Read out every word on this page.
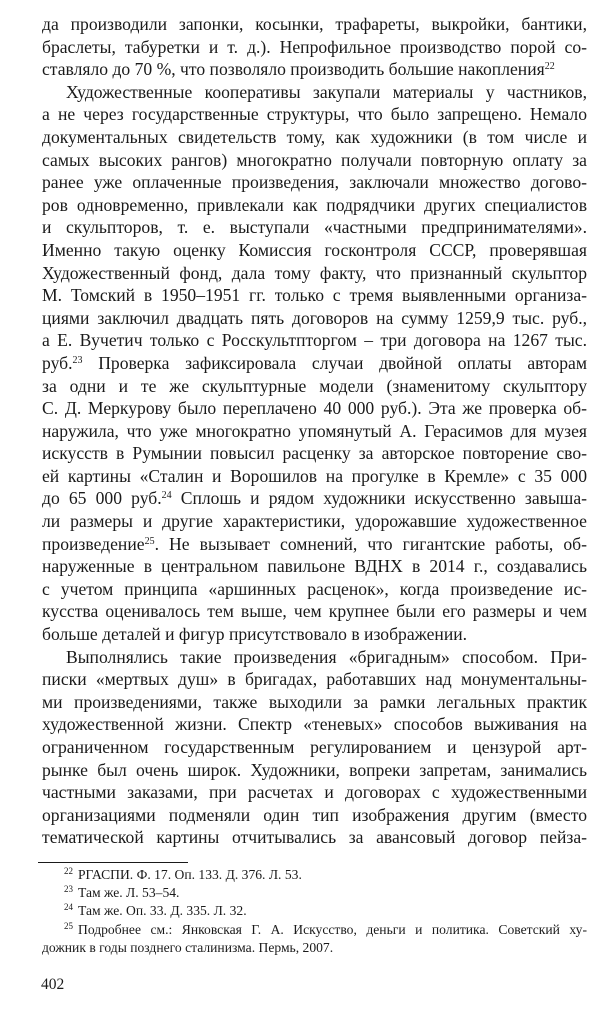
да производили запонки, косынки, трафареты, выкройки, бантики,
браслеты, табуретки и т. д.). Непрофильное производство порой со-
ставляло до 70 %, что позволяло производить большие накопления$^{22}$
Художественные кооперативы закупали материалы у частников,
а не через государственные структуры, что было запрещено. Немало
документальных свидетельств тому, как художники (в том числе и
самых высоких рангов) многократно получали повторную оплату за
ранее уже оплаченные произведения, заключали множество догово-
ров одновременно, привлекали как подрядчики других специалистов
и скульпторов, т. е. выступали «частными предпринимателями».
Именно такую оценку Комиссия госконтроля СССР, проверявшая
Художественный фонд, дала тому факту, что признанный скульптор
М. Томский в 1950–1951 гг. только с тремя выявленными организа-
циями заключил двадцать пять договоров на сумму 1259,9 тыс. руб.,
а Е. Вучетич только с Росскультпторгом – три договора на 1267 тыс.
руб.$^{23}$ Проверка зафиксировала случаи двойной оплаты авторам
за одни и те же скульптурные модели (знаменитому скульптору
С. Д. Меркурову было переплачено 40 000 руб.). Эта же проверка об-
наружила, что уже многократно упомянутый А. Герасимов для музея
искусств в Румынии повысил расценку за авторское повторение сво-
ей картины «Сталин и Ворошилов на прогулке в Кремле» с 35 000
до 65 000 руб.$^{24}$ Сплошь и рядом художники искусственно завыша-
ли размеры и другие характеристики, удорожавшие художественное
произведение$^{25}$. Не вызывает сомнений, что гигантские работы, об-
наруженные в центральном павильоне ВДНХ в 2014 г., создавались
с учетом принципа «аршинных расценок», когда произведение ис-
кусства оценивалось тем выше, чем крупнее были его размеры и чем
больше деталей и фигур присутствовало в изображении.
Выполнялись такие произведения «бригадным» способом. При-
писки «мертвых душ» в бригадах, работавших над монументальны-
ми произведениями, также выходили за рамки легальных практик
художественной жизни. Спектр «теневых» способов выживания на
ограниченном государственным регулированием и цензурой арт-
рынке был очень широк. Художники, вопреки запретам, занимались
частными заказами, при расчетах и договорах с художественными
организациями подменяли один тип изображения другим (вместо
тематической картины отчитывались за авансовый договор пейза-
$^{22}$ РГАСПИ. Ф. 17. Оп. 133. Д. 376. Л. 53.
$^{23}$ Там же. Л. 53–54.
$^{24}$ Там же. Оп. 33. Д. 335. Л. 32.
$^{25}$ Подробнее см.: Янковская Г. А. Искусство, деньги и политика. Советский ху-
дожник в годы позднего сталинизма. Пермь, 2007.
402
